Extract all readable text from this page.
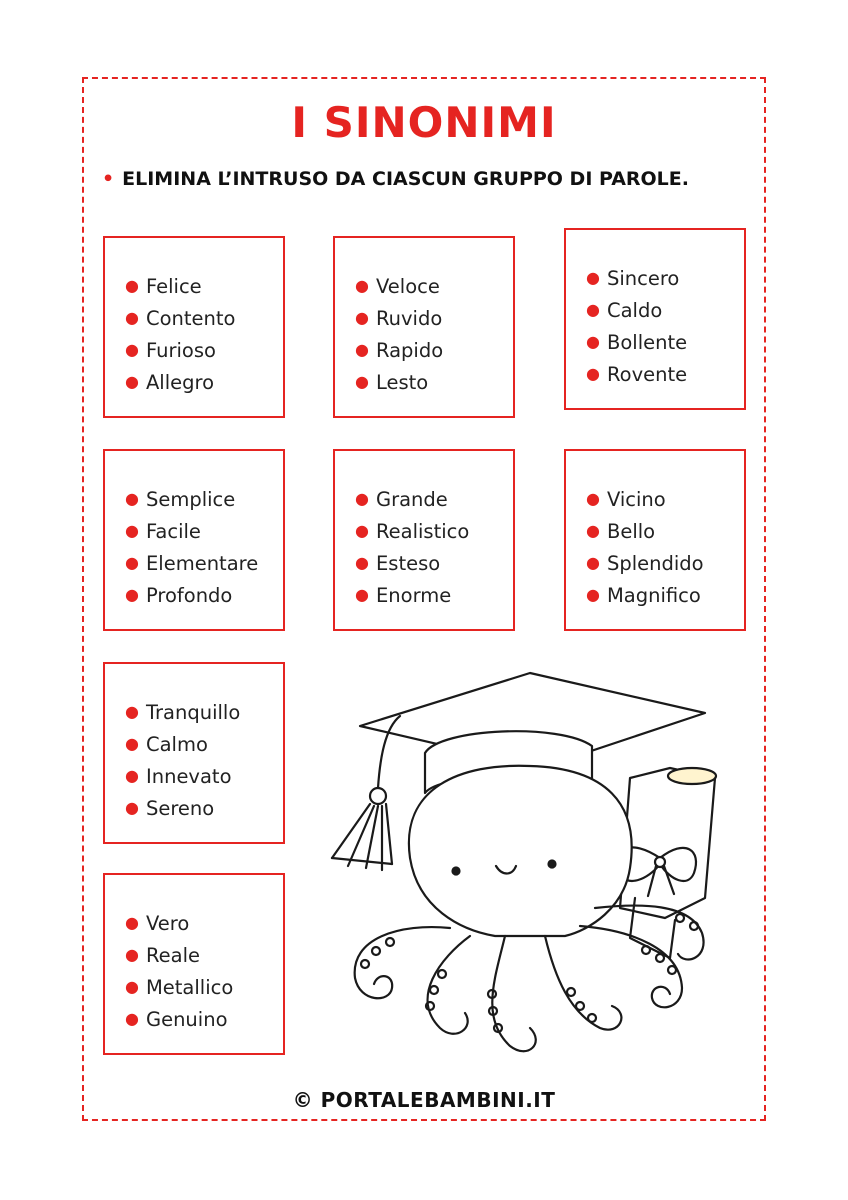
I SINONIMI
• ELIMINA L’INTRUSO DA CIASCUN GRUPPO DI PAROLE.
● Felice
● Contento
● Furioso
● Allegro
● Veloce
● Ruvido
● Rapido
● Lesto
● Sincero
● Caldo
● Bollente
● Rovente
● Semplice
● Facile
● Elementare
● Profondo
● Grande
● Realistico
● Esteso
● Enorme
● Vicino
● Bello
● Splendido
● Magnifico
● Tranquillo
● Calmo
● Innevato
● Sereno
● Vero
● Reale
● Metallico
● Genuino
© PORTALEBAMBINI.IT
